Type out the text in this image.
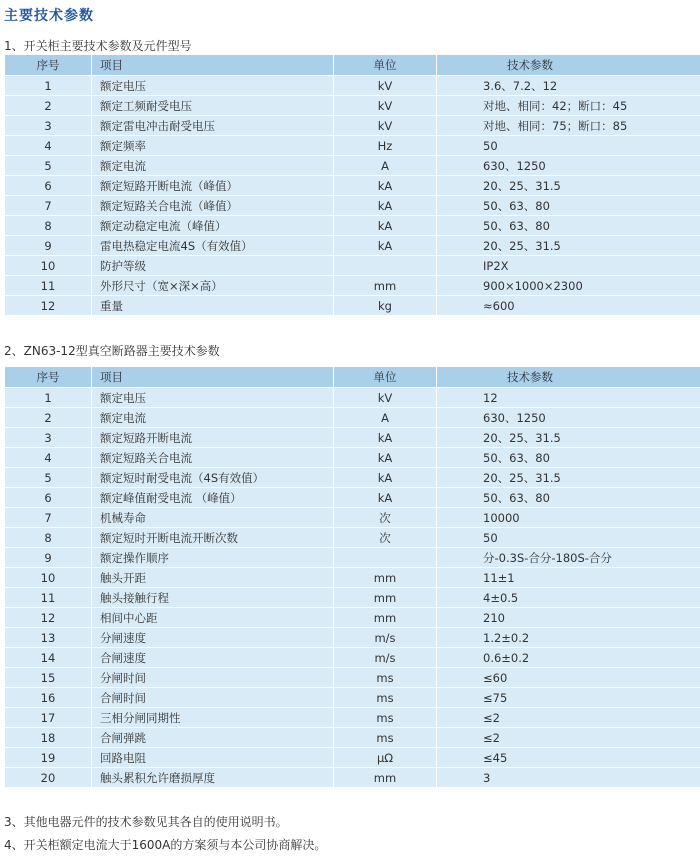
主要技术参数
1、开关柜主要技术参数及元件型号
序号	项目	单位	技术参数
1	额定电压	kV	3.6、7.2、12
2	额定工频耐受电压	kV	对地、相同：42；断口：45
3	额定雷电冲击耐受电压	kV	对地、相同：75；断口：85
4	额定频率	Hz	50
5	额定电流	A	630、1250
6	额定短路开断电流（峰值）	kA	20、25、31.5
7	额定短路关合电流（峰值）	kA	50、63、80
8	额定动稳定电流（峰值）	kA	50、63、80
9	雷电热稳定电流4S（有效值）	kA	20、25、31.5
10	防护等级		IP2X
11	外形尺寸（宽×深×高）	mm	900×1000×2300
12	重量	kg	≈600
2、ZN63-12型真空断路器主要技术参数
序号	项目	单位	技术参数
1	额定电压	kV	12
2	额定电流	A	630、1250
3	额定短路开断电流	kA	20、25、31.5
4	额定短路关合电流	kA	50、63、80
5	额定短时耐受电流（4S有效值）	kA	20、25、31.5
6	额定峰值耐受电流 （峰值）	kA	50、63、80
7	机械寿命	次	10000
8	额定短时开断电流开断次数	次	50
9	额定操作顺序		分-0.3S-合分-180S-合分
10	触头开距	mm	11±1
11	触头接触行程	mm	4±0.5
12	相间中心距	mm	210
13	分闸速度	m/s	1.2±0.2
14	合闸速度	m/s	0.6±0.2
15	分闸时间	ms	≤60
16	合闸时间	ms	≤75
17	三相分闸同期性	ms	≤2
18	合闸弹跳	ms	≤2
19	回路电阻	μΩ	≤45
20	触头累积允许磨损厚度	mm	3
3、其他电器元件的技术参数见其各自的使用说明书。
4、开关柜额定电流大于1600A的方案须与本公司协商解决。
